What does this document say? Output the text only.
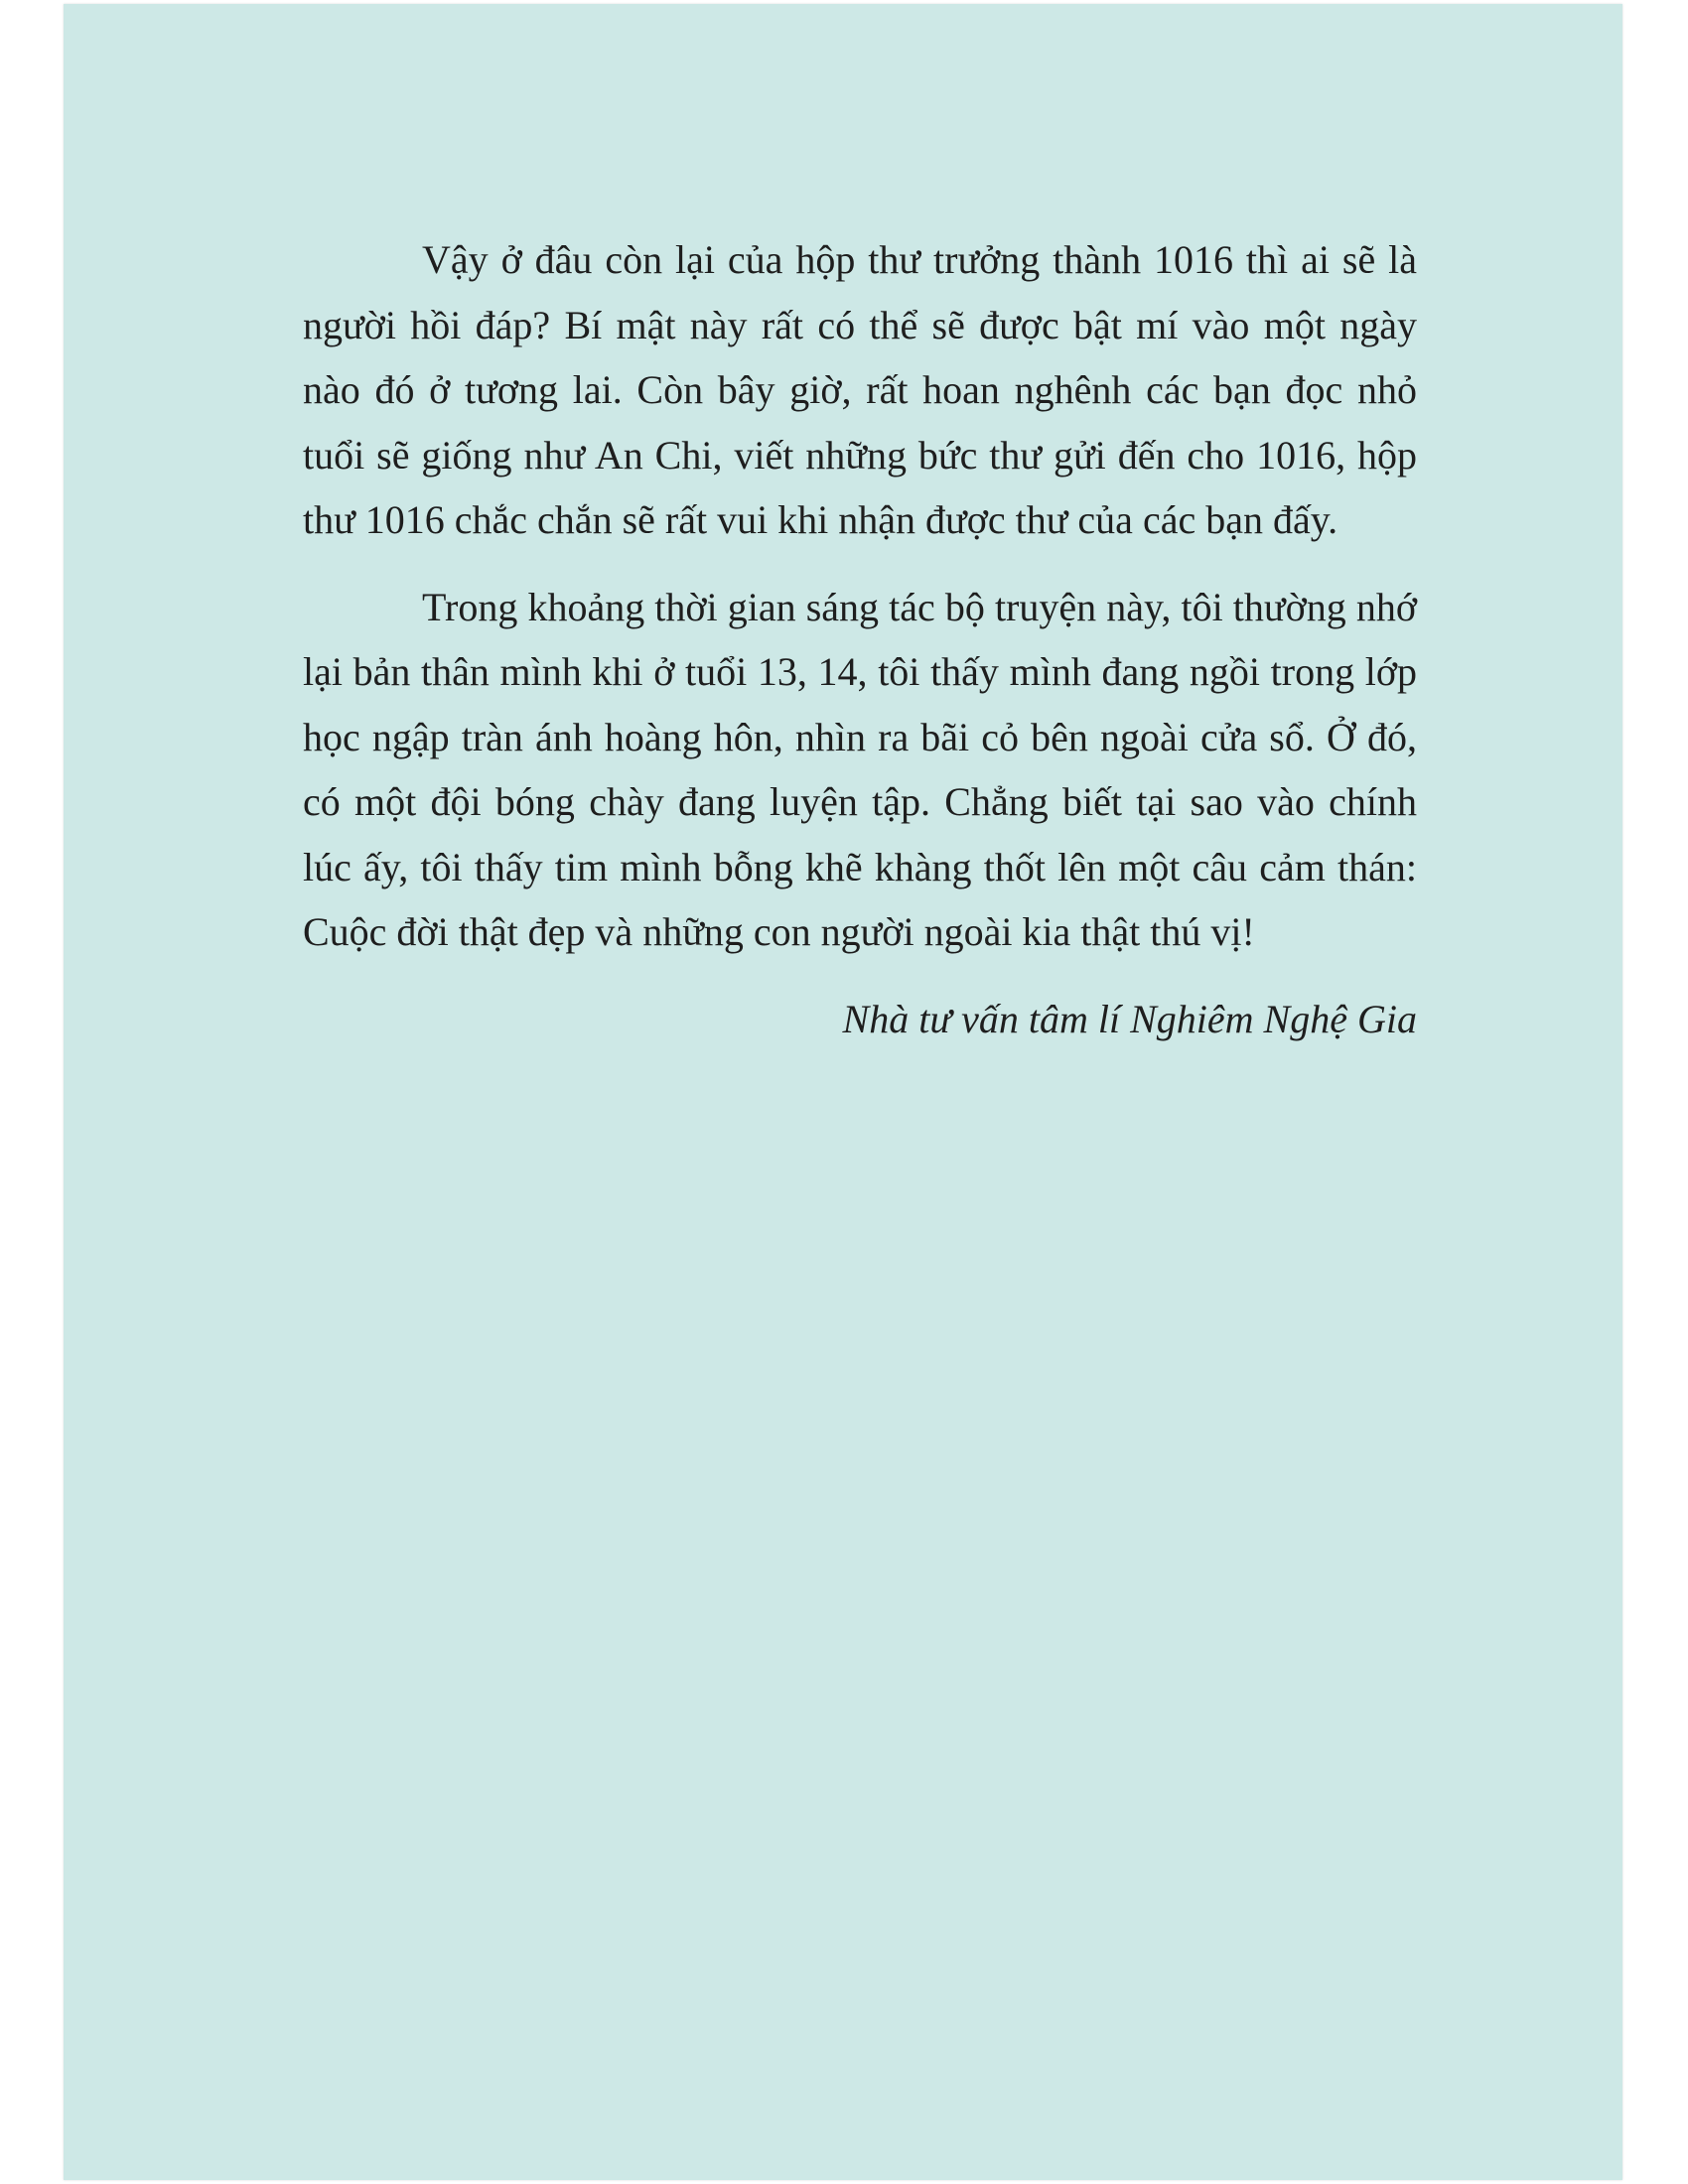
Vậy ở đâu còn lại của hộp thư trưởng thành 1016 thì ai sẽ là người hồi đáp? Bí mật này rất có thể sẽ được bật mí vào một ngày nào đó ở tương lai. Còn bây giờ, rất hoan nghênh các bạn đọc nhỏ tuổi sẽ giống như An Chi, viết những bức thư gửi đến cho 1016, hộp thư 1016 chắc chắn sẽ rất vui khi nhận được thư của các bạn đấy.

Trong khoảng thời gian sáng tác bộ truyện này, tôi thường nhớ lại bản thân mình khi ở tuổi 13, 14, tôi thấy mình đang ngồi trong lớp học ngập tràn ánh hoàng hôn, nhìn ra bãi cỏ bên ngoài cửa sổ. Ở đó, có một đội bóng chày đang luyện tập. Chẳng biết tại sao vào chính lúc ấy, tôi thấy tim mình bỗng khẽ khàng thốt lên một câu cảm thán: Cuộc đời thật đẹp và những con người ngoài kia thật thú vị!

Nhà tư vấn tâm lí Nghiêm Nghệ Gia
